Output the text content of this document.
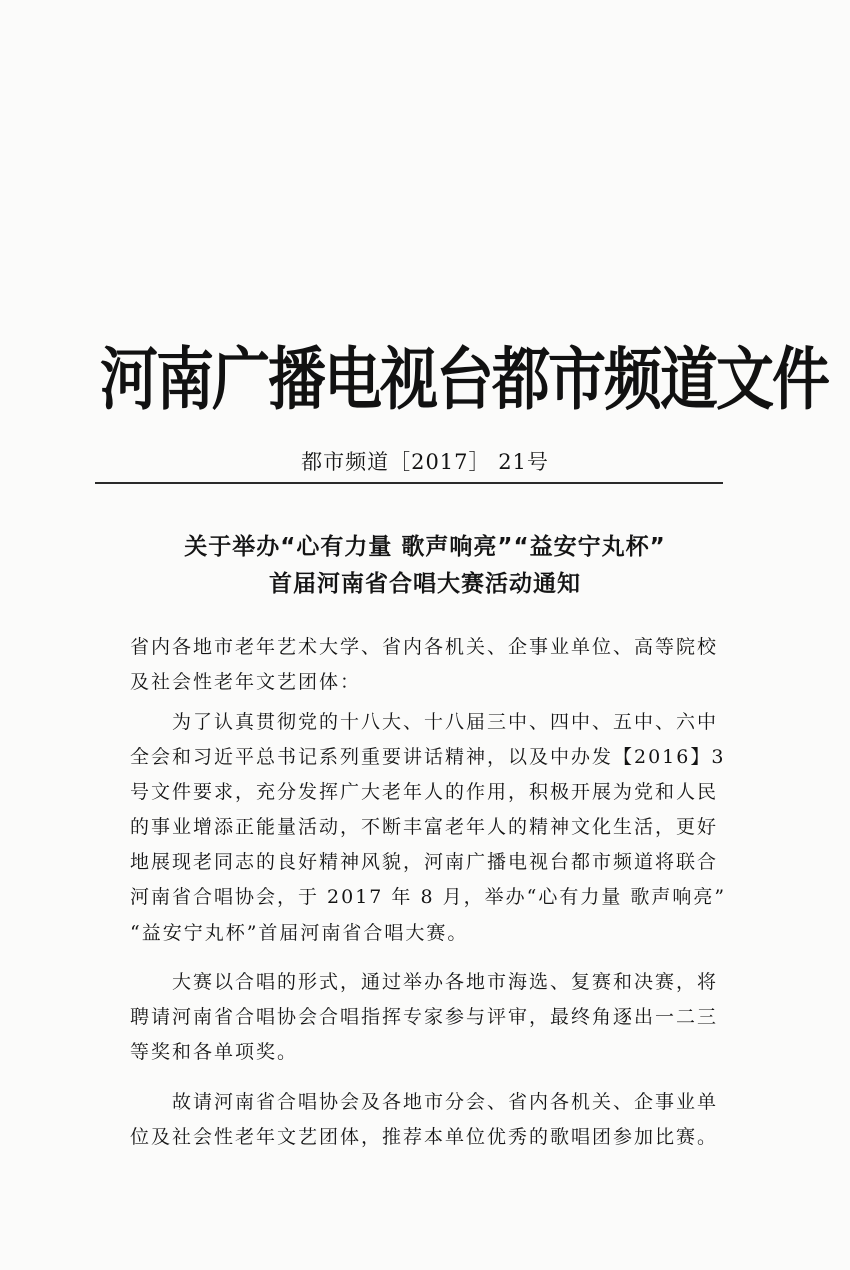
河南广播电视台都市频道文件
都市频道［2017］ 21号
关于举办“心有力量 歌声响亮”“益安宁丸杯”
首届河南省合唱大赛活动通知
省内各地市老年艺术大学、省内各机关、企事业单位、高等院校
及社会性老年文艺团体：
　　为了认真贯彻党的十八大、十八届三中、四中、五中、六中
全会和习近平总书记系列重要讲话精神，以及中办发【2016】3
号文件要求，充分发挥广大老年人的作用，积极开展为党和人民
的事业增添正能量活动，不断丰富老年人的精神文化生活，更好
地展现老同志的良好精神风貌，河南广播电视台都市频道将联合
河南省合唱协会，于 2017 年 8 月，举办“心有力量 歌声响亮”
“益安宁丸杯”首届河南省合唱大赛。
　　大赛以合唱的形式，通过举办各地市海选、复赛和决赛，将
聘请河南省合唱协会合唱指挥专家参与评审，最终角逐出一二三
等奖和各单项奖。
　　故请河南省合唱协会及各地市分会、省内各机关、企事业单
位及社会性老年文艺团体，推荐本单位优秀的歌唱团参加比赛。
